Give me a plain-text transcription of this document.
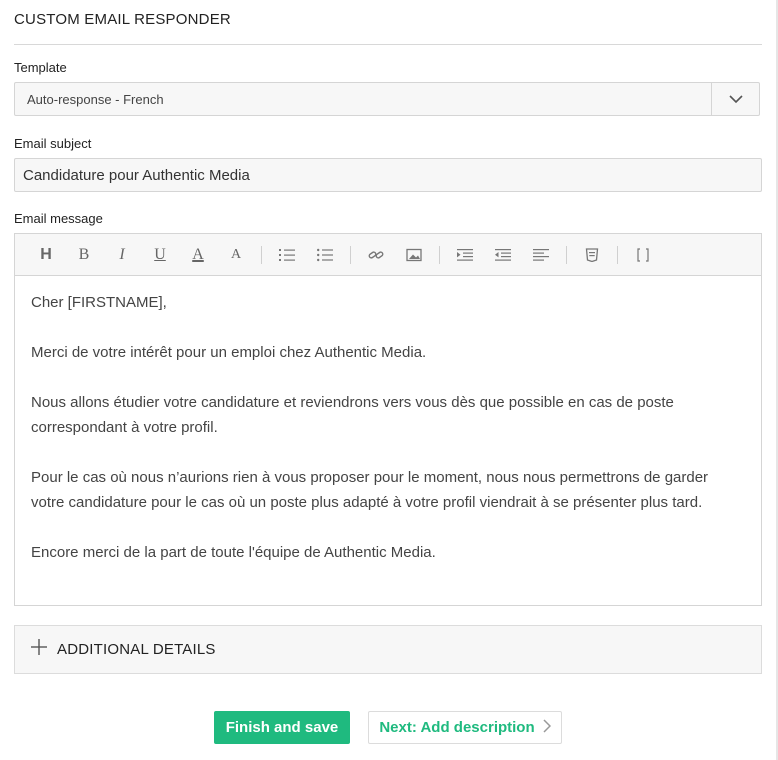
CUSTOM EMAIL RESPONDER
Template
Auto-response - French
Email subject
Candidature pour Authentic Media
Email message
H	B	I	U	A	A

Cher [FIRSTNAME],

Merci de votre intérêt pour un emploi chez Authentic Media.

Nous allons étudier votre candidature et reviendrons vers vous dès que possible en cas de poste correspondant à votre profil.

Pour le cas où nous n’aurions rien à vous proposer pour le moment, nous nous permettrons de garder votre candidature pour le cas où un poste plus adapté à votre profil viendrait à se présenter plus tard.

Encore merci de la part de toute l'équipe de Authentic Media.

ADDITIONAL DETAILS
Finish and save	Next: Add description
